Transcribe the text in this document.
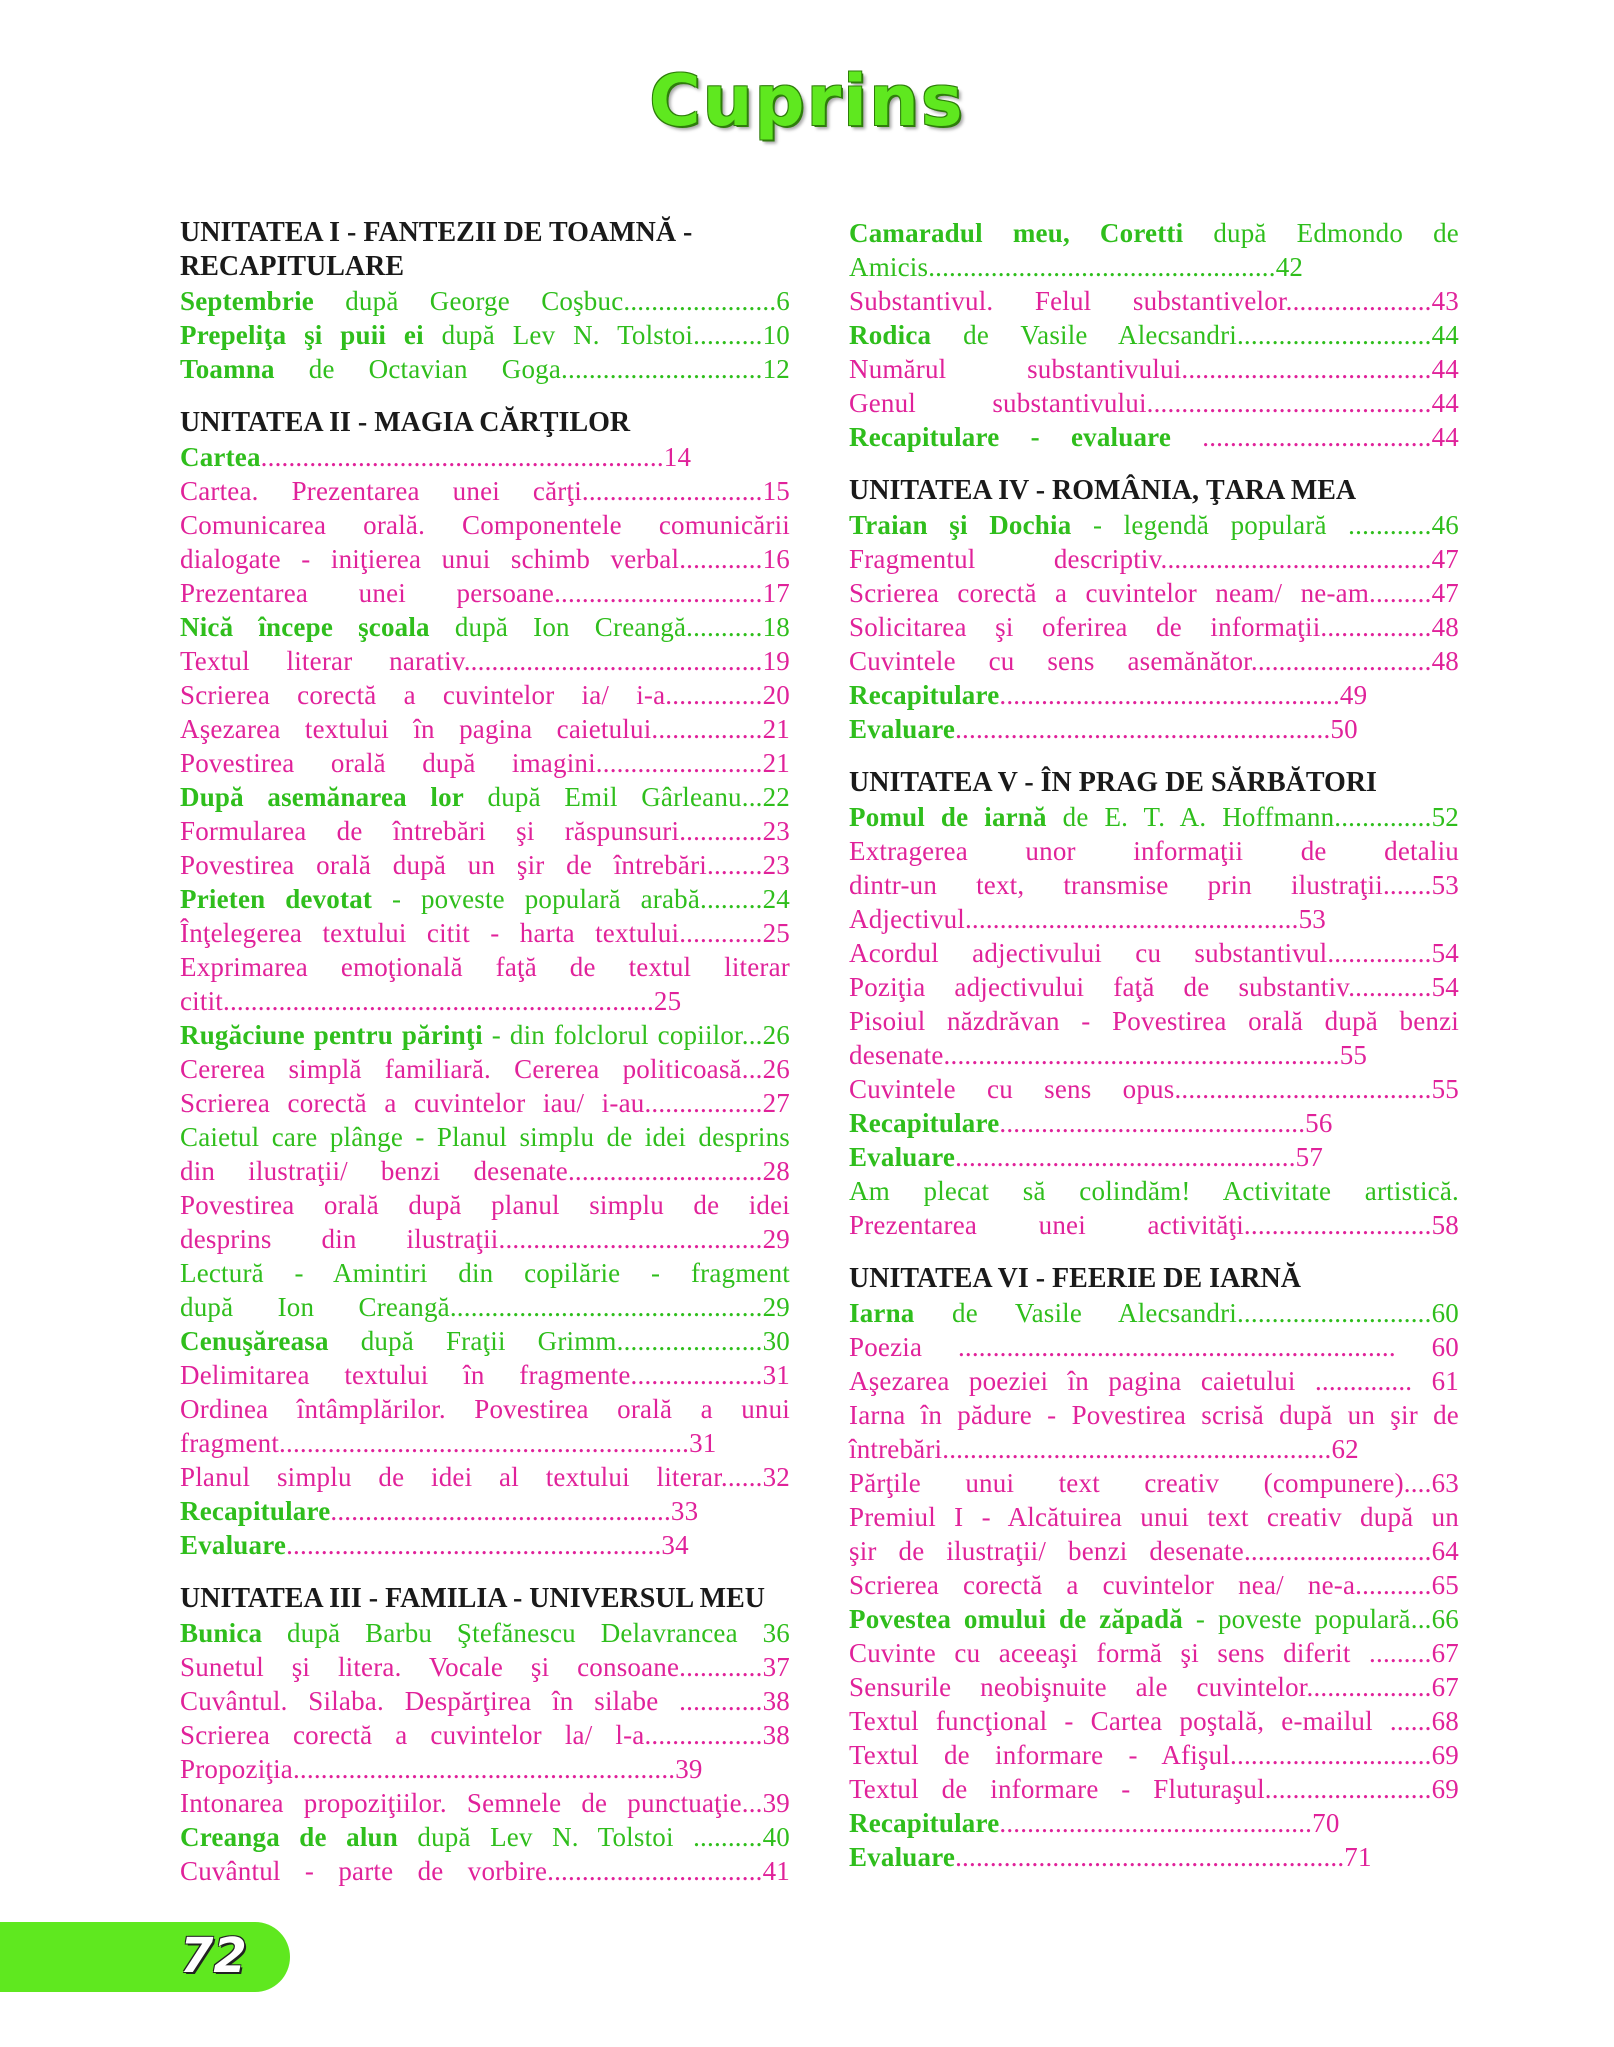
Cuprins
UNITATEA I - FANTEZII DE TOAMNĂ - RECAPITULARE
Septembrie după George Coşbuc......................6
Prepeliţa şi puii ei după Lev N. Tolstoi..........10
Toamna de Octavian Goga.............................12
UNITATEA II - MAGIA CĂRŢILOR
Cartea..........................................................14
Cartea. Prezentarea unei cărţi..........................15
Comunicarea orală. Componentele comunicării
dialogate - iniţierea unui schimb verbal............16
Prezentarea unei persoane..............................17
Nică începe şcoala după Ion Creangă...........18
Textul literar narativ...........................................19
Scrierea corectă a cuvintelor ia/ i-a..............20
Aşezarea textului în pagina caietului................21
Povestirea orală după imagini........................21
După asemănarea lor după Emil Gârleanu...22
Formularea de întrebări şi răspunsuri............23
Povestirea orală după un şir de întrebări........23
Prieten devotat - poveste populară arabă.........24
Înţelegerea textului citit - harta textului............25
Exprimarea emoţională faţă de textul literar
citit..............................................................25
Rugăciune pentru părinţi - din folclorul copiilor...26
Cererea simplă familiară. Cererea politicoasă...26
Scrierea corectă a cuvintelor iau/ i-au.................27
Caietul care plânge - Planul simplu de idei desprins
din ilustraţii/ benzi desenate............................28
Povestirea orală după planul simplu de idei
desprins din ilustraţii......................................29
Lectură - Amintiri din copilărie - fragment
după Ion Creangă.............................................29
Cenuşăreasa după Fraţii Grimm.....................30
Delimitarea textului în fragmente...................31
Ordinea întâmplărilor. Povestirea orală a unui
fragment...........................................................31
Planul simplu de idei al textului literar......32
Recapitulare.................................................33
Evaluare......................................................34
UNITATEA III - FAMILIA - UNIVERSUL MEU
Bunica după Barbu Ştefănescu Delavrancea 36
Sunetul şi litera. Vocale şi consoane............37
Cuvântul. Silaba. Despărţirea în silabe ............38
Scrierea corectă a cuvintelor la/ l-a.................38
Propoziţia.......................................................39
Intonarea propoziţiilor. Semnele de punctuaţie...39
Creanga de alun după Lev N. Tolstoi ..........40
Cuvântul - parte de vorbire...............................41
Camaradul meu, Coretti după Edmondo de
Amicis..................................................42
Substantivul. Felul substantivelor.....................43
Rodica de Vasile Alecsandri............................44
Numărul substantivului....................................44
Genul substantivului.........................................44
Recapitulare - evaluare .................................44
UNITATEA IV - ROMÂNIA, ŢARA MEA
Traian şi Dochia - legendă populară ............46
Fragmentul descriptiv.......................................47
Scrierea corectă a cuvintelor neam/ ne-am.........47
Solicitarea şi oferirea de informaţii................48
Cuvintele cu sens asemănător..........................48
Recapitulare.................................................49
Evaluare......................................................50
UNITATEA V - ÎN PRAG DE SĂRBĂTORI
Pomul de iarnă de E. T. A. Hoffmann..............52
Extragerea unor informaţii de detaliu
dintr-un text, transmise prin ilustraţii.......53
Adjectivul................................................53
Acordul adjectivului cu substantivul...............54
Poziţia adjectivului faţă de substantiv............54
Pisoiul năzdrăvan - Povestirea orală după benzi
desenate.........................................................55
Cuvintele cu sens opus.....................................55
Recapitulare............................................56
Evaluare.................................................57
Am plecat să colindăm! Activitate artistică.
Prezentarea unei activităţi...........................58
UNITATEA VI - FEERIE DE IARNĂ
Iarna de Vasile Alecsandri............................60
Poezia ............................................................... 60
Aşezarea poeziei în pagina caietului .............. 61
Iarna în pădure - Povestirea scrisă după un şir de
întrebări........................................................62
Părţile unui text creativ (compunere)....63
Premiul I - Alcătuirea unui text creativ după un
şir de ilustraţii/ benzi desenate...........................64
Scrierea corectă a cuvintelor nea/ ne-a...........65
Povestea omului de zăpadă - poveste populară...66
Cuvinte cu aceeaşi formă şi sens diferit .........67
Sensurile neobişnuite ale cuvintelor..................67
Textul funcţional - Cartea poştală, e-mailul ......68
Textul de informare - Afişul.............................69
Textul de informare - Fluturaşul........................69
Recapitulare.............................................70
Evaluare........................................................71
72
